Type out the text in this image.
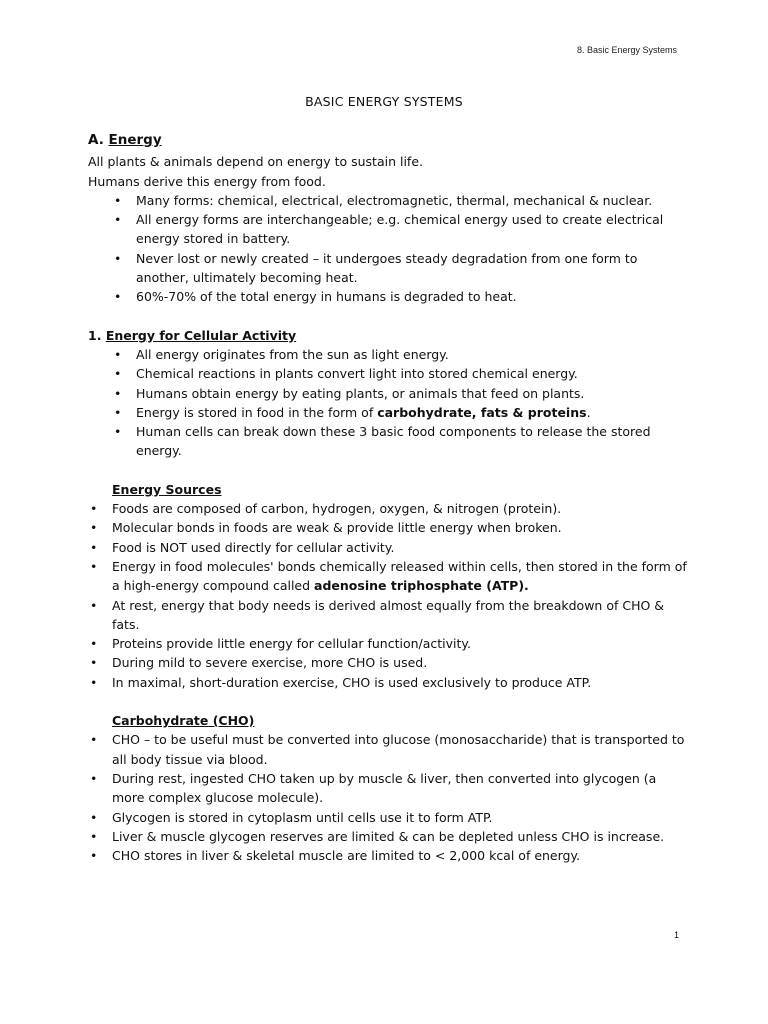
8. Basic Energy Systems
BASIC ENERGY SYSTEMS

A. Energy

All plants & animals depend on energy to sustain life.

Humans derive this energy from food.

• Many forms: chemical, electrical, electromagnetic, thermal, mechanical & nuclear.
• All energy forms are interchangeable; e.g. chemical energy used to create electrical energy stored in battery.
• Never lost or newly created – it undergoes steady degradation from one form to another, ultimately becoming heat.
• 60%-70% of the total energy in humans is degraded to heat.

1. Energy for Cellular Activity

• All energy originates from the sun as light energy.
• Chemical reactions in plants convert light into stored chemical energy.
• Humans obtain energy by eating plants, or animals that feed on plants.
• Energy is stored in food in the form of carbohydrate, fats & proteins.
• Human cells can break down these 3 basic food components to release the stored energy.

Energy Sources

• Foods are composed of carbon, hydrogen, oxygen, & nitrogen (protein).
• Molecular bonds in foods are weak & provide little energy when broken.
• Food is NOT used directly for cellular activity.
• Energy in food molecules' bonds chemically released within cells, then stored in the form of a high-energy compound called adenosine triphosphate (ATP).
• At rest, energy that body needs is derived almost equally from the breakdown of CHO & fats.
• Proteins provide little energy for cellular function/activity.
• During mild to severe exercise, more CHO is used.
• In maximal, short-duration exercise, CHO is used exclusively to produce ATP.

Carbohydrate (CHO)

• CHO – to be useful must be converted into glucose (monosaccharide) that is transported to all body tissue via blood.
• During rest, ingested CHO taken up by muscle & liver, then converted into glycogen (a more complex glucose molecule).
• Glycogen is stored in cytoplasm until cells use it to form ATP.
• Liver & muscle glycogen reserves are limited & can be depleted unless CHO is increase.
• CHO stores in liver & skeletal muscle are limited to < 2,000 kcal of energy.
1
